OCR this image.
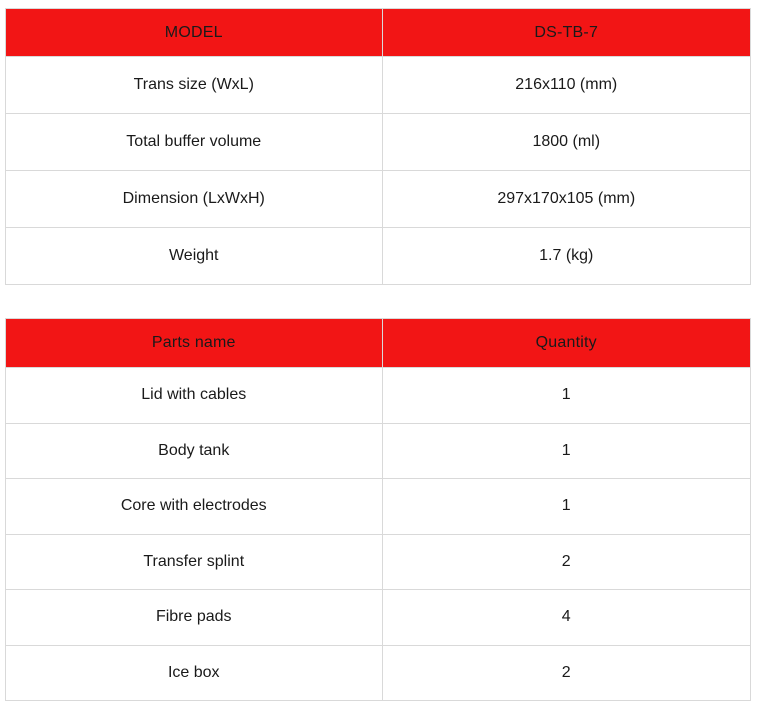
MODEL	DS-TB-7
Trans size (WxL)	216x110 (mm)
Total buffer volume	1800 (ml)
Dimension (LxWxH)	297x170x105 (mm)
Weight	1.7 (kg)
Parts name	Quantity
Lid with cables	1
Body tank	1
Core with electrodes	1
Transfer splint	2
Fibre pads	4
Ice box	2
